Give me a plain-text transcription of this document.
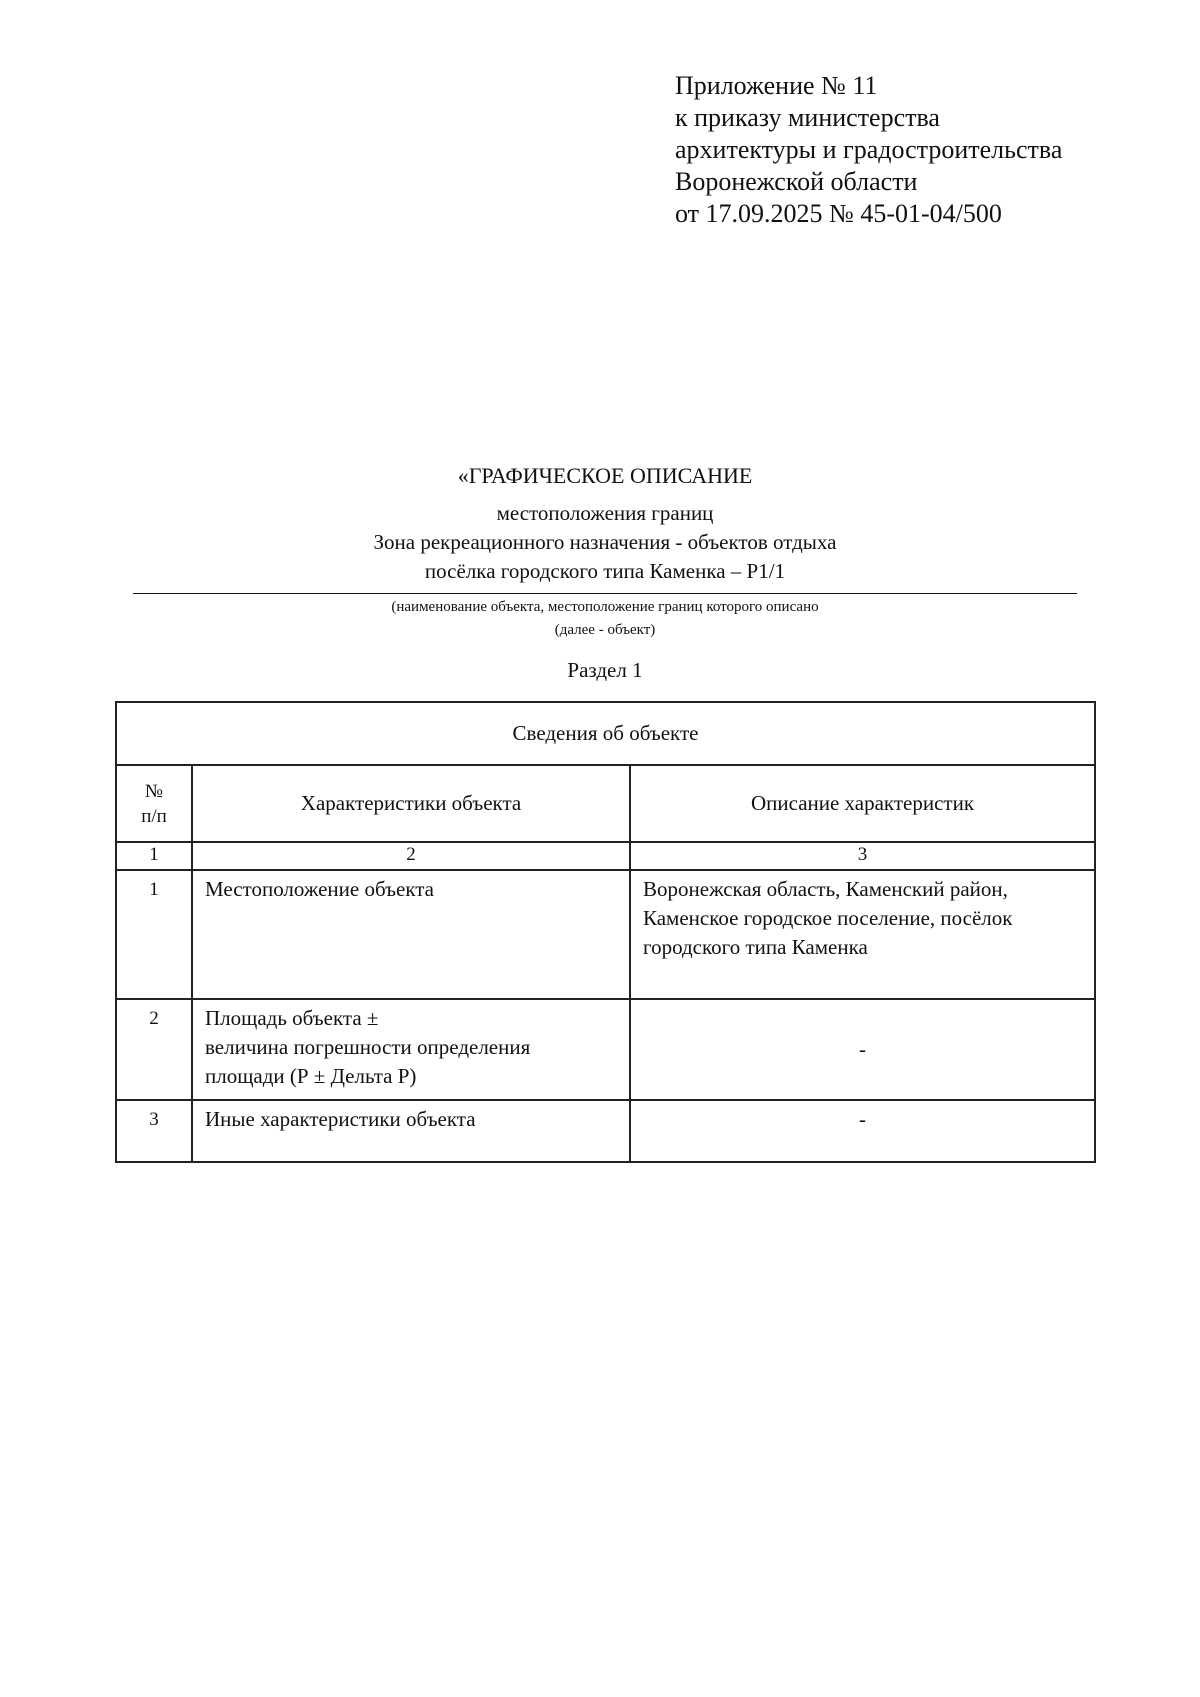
Приложение № 11
к приказу министерства
архитектуры и градостроительства
Воронежской области
от 17.09.2025 № 45-01-04/500
«ГРАФИЧЕСКОЕ ОПИСАНИЕ
местоположения границ
Зона рекреационного назначения - объектов отдыха
посёлка городского типа Каменка – Р1/1
(наименование объекта, местоположение границ которого описано
(далее - объект)
Раздел 1
Сведения об объекте		

№
п/п	Характеристики объекта	Описание характеристик
1	2	3
1	Местоположение объекта	Воронежская область, Каменский район,
Каменское городское поселение, посёлок
городского типа Каменка

2	Площадь объекта ±
величина погрешности определения
площади (Р ± Дельта Р)	-
3	Иные характеристики объекта	-
